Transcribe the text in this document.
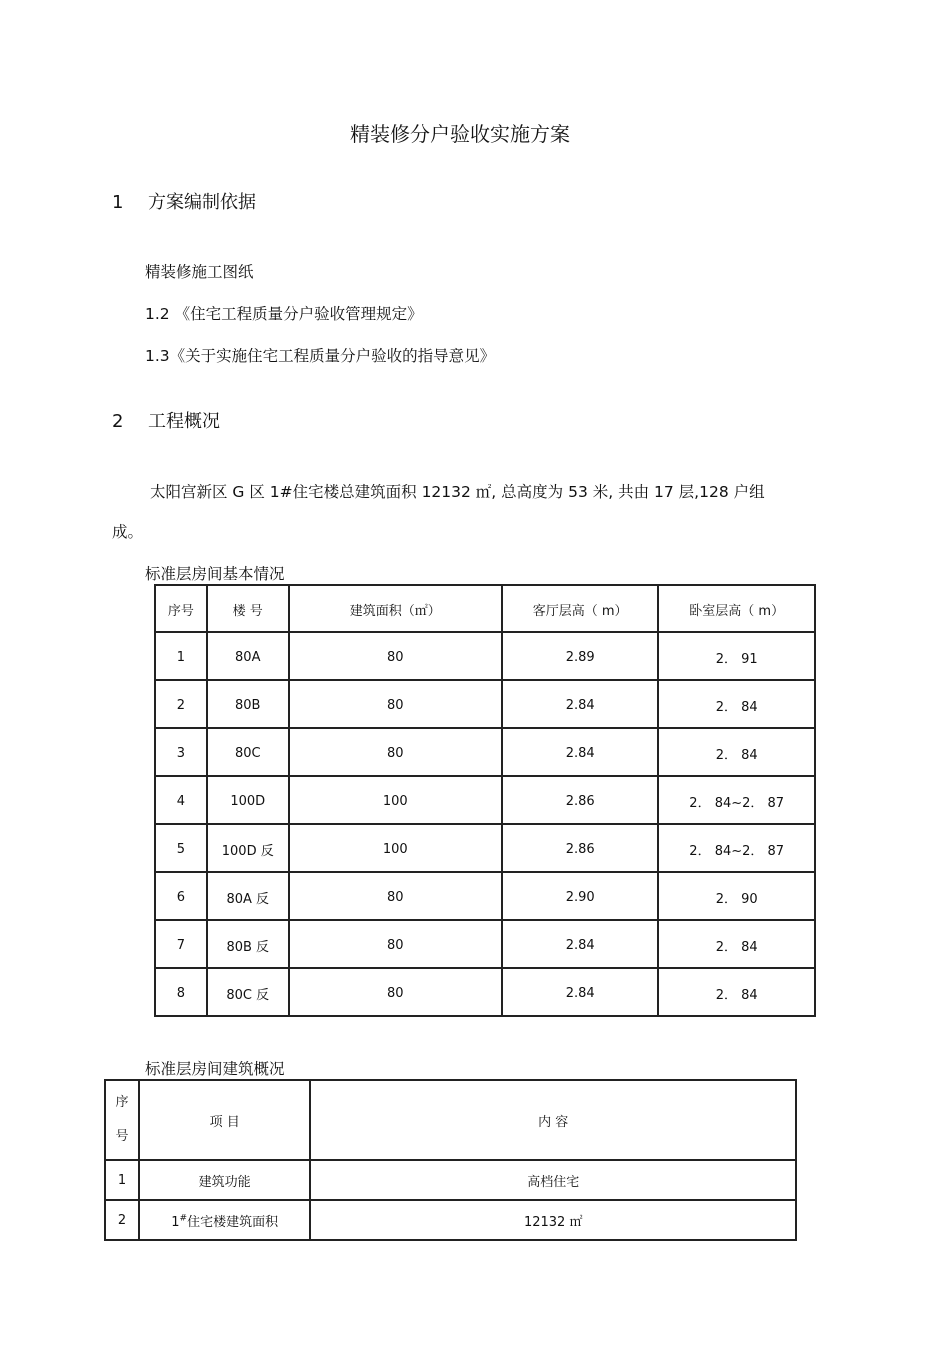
精装修分户验收实施方案
1 方案编制依据
精装修施工图纸
1.2 《住宅工程质量分户验收管理规定》
1.3《关于实施住宅工程质量分户验收的指导意见》
2 工程概况
太阳宫新区 G 区 1#住宅楼总建筑面积 12132 ㎡, 总高度为 53 米, 共由 17 层,128 户组
成。
标准层房间基本情况
序号	楼 号	建筑面积（㎡）	客厅层高（ m）	卧室层高（ m）
1	80A	80	2.89	2． 91
2	80B	80	2.84	2． 84
3	80C	80	2.84	2． 84
4	100D	100	2.86	2． 84~2． 87
5	100D 反	100	2.86	2． 84~2． 87
6	80A 反	80	2.90	2． 90
7	80B 反	80	2.84	2． 84
8	80C 反	80	2.84	2． 84
标准层房间建筑概况
序
号	项 目	内 容
1	建筑功能	高档住宅
2	1#住宅楼建筑面积	12132 ㎡
